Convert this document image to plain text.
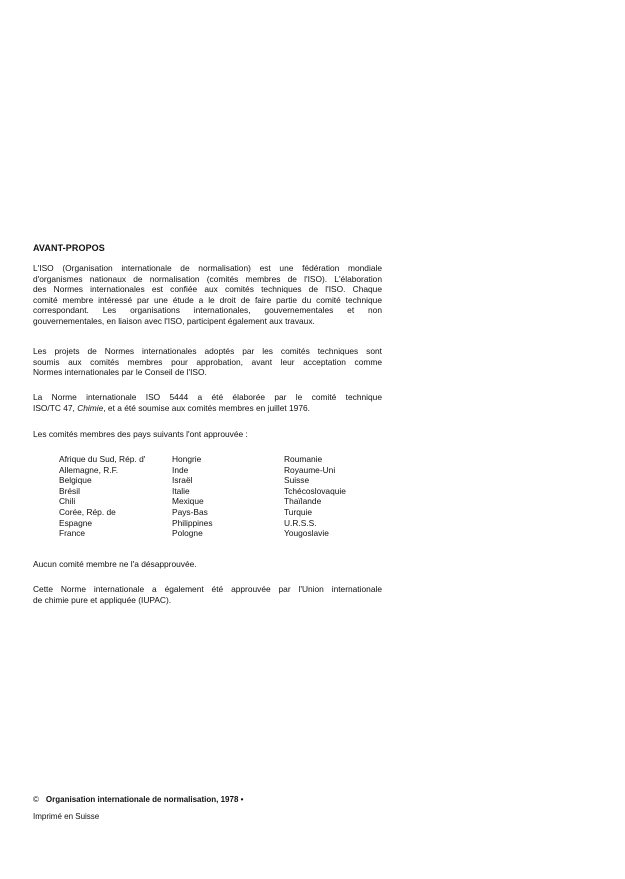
AVANT-PROPOS
L'ISO (Organisation internationale de normalisation) est une fédération mondiale
d'organismes nationaux de normalisation (comités membres de l'ISO). L'élaboration
des Normes internationales est confiée aux comités techniques de l'ISO. Chaque
comité membre intéressé par une étude a le droit de faire partie du comité technique
correspondant. Les organisations internationales, gouvernementales et non
gouvernementales, en liaison avec l'ISO, participent également aux travaux.
Les projets de Normes internationales adoptés par les comités techniques sont
soumis aux comités membres pour approbation, avant leur acceptation comme
Normes internationales par le Conseil de l'ISO.
La Norme internationale ISO 5444 a été élaborée par le comité technique
ISO/TC 47, Chimie, et a été soumise aux comités membres en juillet 1976.
Les comités membres des pays suivants l'ont approuvée :
Afrique du Sud, Rép. d'
Allemagne, R.F.
Belgique
Brésil
Chili
Corée, Rép. de
Espagne
France
Hongrie
Inde
Israël
Italie
Mexique
Pays-Bas
Philippines
Pologne
Roumanie
Royaume-Uni
Suisse
Tchécoslovaquie
Thaïlande
Turquie
U.R.S.S.
Yougoslavie
Aucun comité membre ne l'a désapprouvée.
Cette Norme internationale a également été approuvée par l'Union internationale
de chimie pure et appliquée (IUPAC).
© Organisation internationale de normalisation, 1978 •
Imprimé en Suisse
